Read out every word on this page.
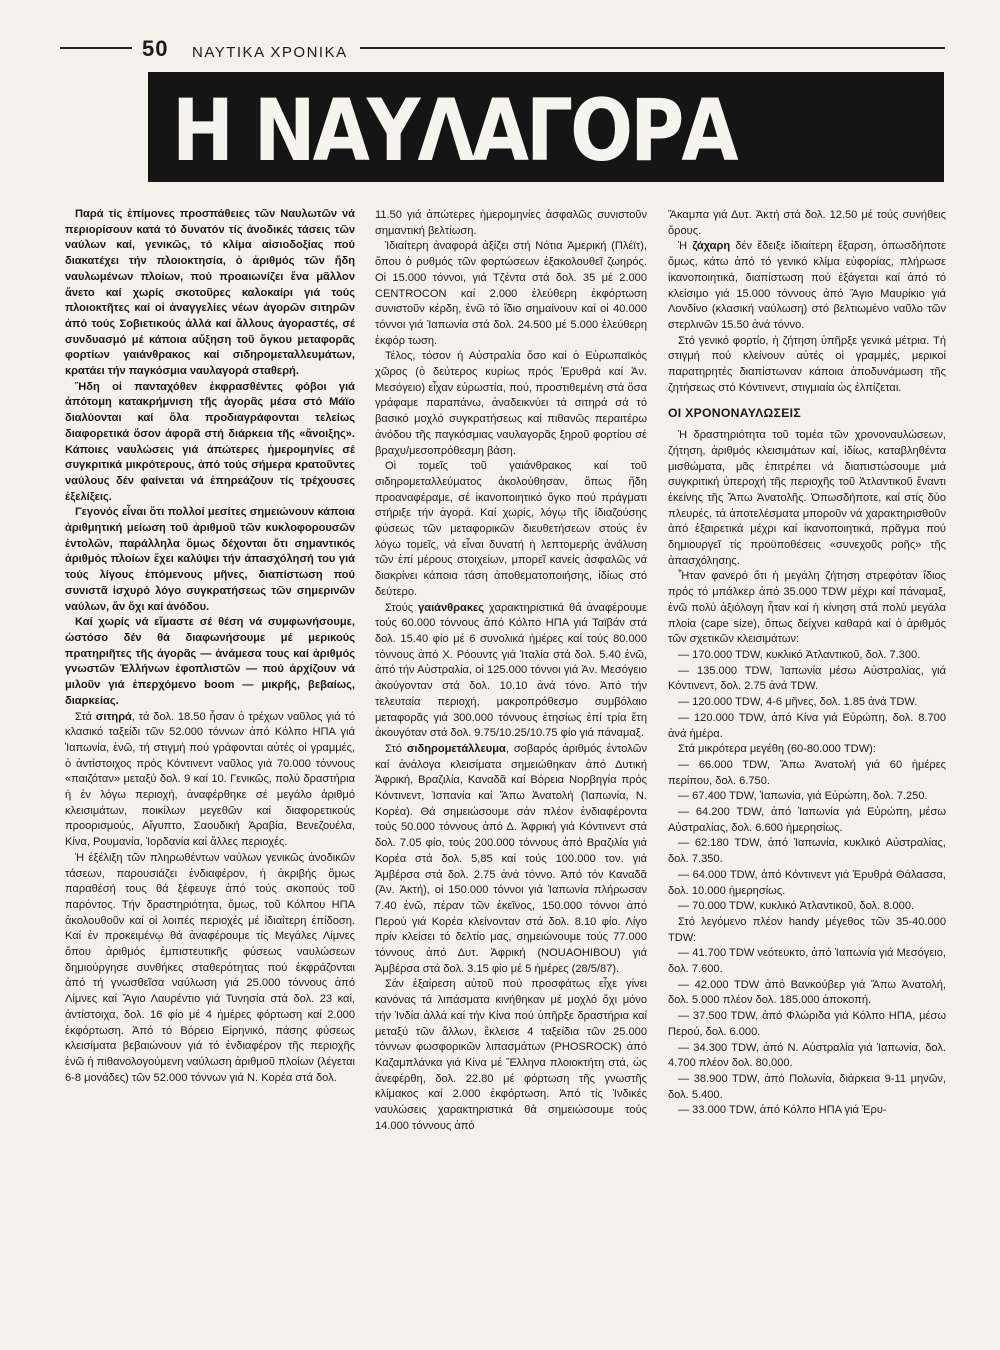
50 ΝΑΥΤΙΚΑ ΧΡΟΝΙΚΑ
Η ΝΑΥΛΑΓΟΡΑ

Παρά τίς ἐπίμονες προσπάθειες τῶν Ναυλωτῶν νά περιορίσουν κατά τό δυνατόν τίς ἀνοδικές τάσεις τῶν ναύλων καί, γενικῶς, τό κλίμα αἰσιοδοξίας πού διακατέχει τήν πλοιοκτησία, ὁ ἀριθμός τῶν ἤδη ναυλωμένων πλοίων, πού προαιωνίζει ἕνα μᾶλλον ἄνετο καί χωρίς σκοτοῦρες καλοκαίρι γιά τούς πλοιοκτῆτες καί οἱ ἀναγγελίες νέων ἀγορῶν σιτηρῶν ἀπό τούς Σοβιετικούς ἀλλά καί ἄλλους ἀγοραστές, σέ συνδυασμό μέ κάποια αὔξηση τοῦ ὄγκου μεταφορᾶς φορτίων γαιάνθρακος καί σιδηρομεταλλευμάτων, κρατάει τήν παγκόσμια ναυλαγορά σταθερή.

Ἤδη οἱ πανταχόθεν ἐκφρασθέντες φόβοι γιά ἀπότομη κατακρήμνιση τῆς ἀγορᾶς μέσα στό Μάϊο διαλύονται καί ὅλα προδιαγράφονται τελείως διαφορετικά ὅσον ἀφορᾶ στή διάρκεια τῆς «ἄνοιξης». Κάποιες ναυλώσεις γιά ἀπώτερες ἡμερομηνίες σέ συγκριτικά μικρότερους, ἀπό τούς σήμερα κρατοῦντες ναύλους δέν φαίνεται νά ἐπηρεάζουν τίς τρέχουσες ἐξελίξεις.

Γεγονός εἶναι ὅτι πολλοί μεσίτες σημειώνουν κάποια ἀριθμητική μείωση τοῦ ἀριθμοῦ τῶν κυκλοφορουσῶν ἐντολῶν, παράλληλα ὅμως δέχονται ὅτι σημαντικός ἀριθμός πλοίων ἔχει καλύψει τήν ἀπασχόλησή του γιά τούς λίγους ἑπόμενους μῆνες, διαπίστωση πού συνιστᾶ ἰσχυρό λόγο συγκρατήσεως τῶν σημερινῶν ναύλων, ἄν ὄχι καί ἀνόδου.

Καί χωρίς νά εἴμαστε σέ θέση νά συμφωνήσουμε, ὡστόσο δέν θά διαφωνήσουμε μέ μερικούς πρατηριῆτες τῆς ἀγορᾶς — ἀνάμεσα τους καί ἀριθμός γνωστῶν Ἑλλήνων ἐφοπλιστῶν — πού ἀρχίζουν νά μιλοῦν γιά ἐπερχόμενο boom — μικρῆς, βεβαίως, διαρκείας.

Στά σιτηρά, τά δολ. 18.50 ἦσαν ὁ τρέχων ναῦλος γιά τό κλασικό ταξείδι τῶν 52.000 τόννων ἀπό Κόλπο ΗΠΑ γιά Ἰαπωνία, ἐνῶ, τή στιγμή πού γράφονται αὐτές οἱ γραμμές, ὁ ἀντίστοιχος πρός Κόντινεντ ναῦλος γιά 70.000 τόννους «παιζόταν» μεταξύ δολ. 9 καί 10. Γενικῶς, πολύ δραστήρια ἡ ἐν λόγω περιοχή, ἀναφέρθηκε σέ μεγάλο ἀριθμό κλεισιμάτων, ποικίλων μεγεθῶν καί διαφορετικούς προορισμούς, Αἴγυπτο, Σαουδική Ἀραβία, Βενεζουέλα, Κίνα, Ρουμανία, Ἰορδανία καί ἄλλες περιοχές.

Ἡ ἐξέλιξη τῶν πληρωθέντων ναύλων γενικῶς ἀνοδικῶν τάσεων, παρουσιάζει ἐνδιαφέρον, ἡ ἀκριβής ὅμως παραθέσή τους θά ξέφευγε ἀπό τούς σκοπούς τοῦ παρόντος. Τήν δραστηριότητα, ὅμως, τοῦ Κόλπου ΗΠΑ ἀκολουθοῦν καί οἱ λοιπές περιοχές μέ ἰδιαίτερη ἐπίδοση. Καί ἐν προκειμένῳ θά ἀναφέρουμε τίς Μεγάλες Λίμνες ὅπου ἀριθμός ἐμπιστευτικῆς φύσεως ναυλώσεων δημιούργησε συνθήκες σταθερότητας πού ἐκφράζονται ἀπό τή γνωσθεῖσα ναύλωση γιά 25.000 τόννους ἀπό Λίμνες καί Ἅγιο Λαυρέντιο γιά Τυνησία στά δολ. 23 καί, ἀντίστοιχα, δολ. 16 φίο μέ 4 ἡμέρες φόρτωση καί 2.000 ἐκφόρτωση. Ἀπό τό Βόρειο Εἰρηνικό, πάσης φύσεως κλεισίματα βεβαιώνουν γιά τό ἐνδιαφέρον τῆς περιοχῆς ἐνῶ ἡ πιθανολογούμενη ναύλωση ἀριθμοῦ πλοίων (λέγεται 6-8 μονάδες) τῶν 52.000 τόννων γιά Ν. Κορέα στά δολ.

11.50 γιά ἀπώτερες ἡμερομηνίες ἀσφαλῶς συνιστοῦν σημαντική βελτίωση.

Ἰδιαίτερη ἀναφορά ἀξίζει στή Νότια Ἀμερική (Πλέϊτ), ὅπου ὁ ρυθμός τῶν φορτώσεων ἐξακολουθεῖ ζωηρός. Οἱ 15.000 τόννοι, γιά Τζέντα στά δολ. 35 μέ 2.000 CENTROCON καί 2.000 ἐλεύθερη ἐκφόρτωση συνιστοῦν κέρδη, ἐνῶ τό ἴδιο σημαίνουν καί οἱ 40.000 τόννοι γιά Ἰαπωνία στά δολ. 24.500 μέ 5.000 ἐλεύθερη ἐκφόρ τωση.

Τέλος, τόσον ἡ Αὐστραλία ὅσο καί ὁ Εὐρωπαϊκός χῶρος (ὁ δεύτερος κυρίως πρός Ἐρυθρά καί Ἀν. Μεσόγειο) εἶχαν εὐρωστία, πού, προστιθεμένη στά ὅσα γράφαμε παραπάνω, ἀναδεικνύει τά σιτηρά σά τό βασικό μοχλό συγκρατήσεως καί πιθανῶς περαιτέρω ἀνόδου τῆς παγκόσμιας ναυλαγορᾶς ξηροῦ φορτίου σέ βραχυ/μεσοπρόθεσμη βάση.

Οἱ τομεῖς τοῦ γαιάνθρακος καί τοῦ σιδηρομεταλλεύματος ἀκολούθησαν, ὅπως ἤδη προαναφέραμε, σέ ἱκανοποιητικό ὄγκο πού πράγματι στήριξε τήν ἀγορά. Καί χωρίς, λόγῳ τῆς ἰδιαζούσης φύσεως τῶν μεταφορικῶν διευθετήσεων στούς ἐν λόγω τομεῖς, νά εἶναι δυνατή ἡ λεπτομερής ἀνάλυση τῶν ἐπί μέρους στοιχείων, μπορεῖ κανείς ἀσφαλῶς νά διακρίνει κάποια τάση ἀποθεματοποιήσης, ἰδίως στό δεύτερο.

Στούς γαιάνθρακες χαρακτηριστικά θά ἀναφέρουμε τούς 60.000 τόννους ἀπό Κόλπο ΗΠΑ γιά Ταϊβάν στά δολ. 15.40 φίο μέ 6 συνολικά ἡμέρες καί τούς 80.000 τόννους ἀπό Χ. Ρόουντς γιά Ἰταλία στά δολ. 5.40 ἐνῶ, ἀπό τήν Αὐστραλία, οἱ 125.000 τόννοι γιά Ἀν. Μεσόγειο ἀκούγονταν στά δολ. 10.10 ἀνά τόνο. Ἀπό τήν τελευταία περιοχή, μακροπρόθεσμο συμβόλαιο μεταφορᾶς γιά 300.000 τόννους ἐτησίως ἐπί τρία ἔτη ἀκουγόταν στά δολ. 9.75/10.25/10.75 φίο γιά πάναμαξ.

Στό σιδηρομετάλλευμα, σοβαρός ἀριθμός ἐντολῶν καί ἀνάλογα κλεισίματα σημειώθηκαν ἀπό Δυτική Ἀφρική, Βραζιλία, Καναδᾶ καί Βόρεια Νορβηγία πρός Κόντινεντ, Ἱσπανία καί Ἄπω Ἀνατολή (Ἰαπωνία, Ν. Κορέα). Θά σημειώσουμε σάν πλέον ἐνδιαφέροντα τούς 50.000 τόννους ἀπό Δ. Ἀφρική γιά Κόντινεντ στά δολ. 7.05 φίο, τούς 200.000 τόννους ἀπό Βραζιλία γιά Κορέα στά δολ. 5,85 καί τούς 100.000 τον. γιά Ἀμβέρσα στά δολ. 2.75 ἀνά τόννο. Ἀπό τόν Καναδᾶ (Ἀν. Ἀκτή), οἱ 150.000 τόννοι γιά Ἰαπωνία πλήρωσαν 7.40 ἐνῶ, πέραν τῶν ἐκεῖνος, 150.000 τόννοι ἀπό Περού γιά Κορέα κλείνονταν στά δολ. 8.10 φίο. Λίγο πρίν κλείσει τό δελτίο μας, σημειώνουμε τούς 77.000 τόννους ἀπό Δυτ. Ἀφρική (NOUAOHIBOU) γιά Ἀμβέρσα στά δολ. 3.15 φίο μέ 5 ἡμέρες (28/5/87).

Σάν ἐξαίρεση αὐτοῦ πού προσφάτως εἶχε γίνει κανόνας τά λιπάσματα κινήθηκαν μέ μοχλό ὄχι μόνο τήν Ἰνδία ἀλλά καί τήν Κίνα πού ὑπῆρξε δραστήρια καί μεταξύ τῶν ἄλλων, ἔκλεισε 4 ταξείδια τῶν 25.000 τόννων φωσφορικῶν λιπασμάτων (PHOSROCK) ἀπό Καζαμπλάνκα γιά Κίνα μέ Ἕλληνα πλοιοκτήτη στά, ὡς ἀνεφέρθη, δολ. 22.80 μέ φόρτωση τῆς γνωστῆς κλίμακος καί 2.000 ἐκφόρτωση. Ἀπό τίς Ἰνδικές ναυλώσεις χαρακτηριστικά θά σημειώσουμε τούς 14.000 τόννους ἀπό

Ἄκαμπα γιά Δυτ. Ἀκτή στά δολ. 12.50 μέ τούς συνήθεις ὅρους.

Ἡ ζάχαρη δέν ἔδειξε ἰδιαίτερη ἔξαρση, ὁπωσδήποτε ὅμως, κάτω ἀπό τό γενικό κλίμα εὐφορίας, πλήρωσε ἱκανοποιητικά, διαπίστωση πού ἐξάγεται καί ἀπό τό κλείσιμο γιά 15.000 τόννους ἀπό Ἅγιο Μαυρίκιο γιά Λονδίνο (κλασική ναύλωση) στό βελτιωμένο ναῦλο τῶν στερλινῶν 15.50 ἀνά τόννο.

Στό γενικό φορτίο, ἡ ζήτηση ὑπῆρξε γενικά μέτρια. Τή στιγμή πού κλείνουν αὐτές οἱ γραμμές, μερικοί παρατηρητές διαπίστωναν κάποια ἀποδυνάμωση τῆς ζητήσεως στό Κόντινεντ, στιγμιαία ὡς ἐλπίζεται.

ΟΙ ΧΡΟΝΟΝΑΥΛΩΣΕΙΣ

Ἡ δραστηριότητα τοῦ τομέα τῶν χρονοναυλώσεων, ζήτηση, ἀριθμός κλεισιμάτων καί, ἰδίως, καταβληθέντα μισθώματα, μᾶς ἐπιτρέπει νά διαπιστώσουμε μιά συγκριτική ὑπεροχή τῆς περιοχῆς τοῦ Ἀτλαντικοῦ ἔναντι ἐκείνης τῆς Ἄπω Ἀνατολῆς. Ὁπωσδήποτε, καί στίς δύο πλευρές, τά ἀποτελέσματα μποροῦν νά χαρακτηρισθοῦν ἀπό ἐξαιρετικά μέχρι καί ἱκανοποιητικά, πρᾶγμα πού δημιουργεῖ τίς προϋποθέσεις «συνεχοῦς ροῆς» τῆς ἀπασχόλησης.

Ἦταν φανερό ὅτι ἡ μεγάλη ζήτηση στρεφόταν ἴδιος πρός τό μπάλκερ ἀπό 35.000 TDW μέχρι καί πάναμαξ, ἐνῶ πολύ ἀξιόλογη ἦταν καί ἡ κίνηση στά πολύ μεγάλα πλοία (cape size), ὅπως δείχνει καθαρά καί ὁ ἀριθμός τῶν σχετικῶν κλεισιμάτων:

— 170.000 TDW, κυκλικό Ἀτλαντικοῦ, δολ. 7.300.

— 135.000 TDW, Ἰαπωνία μέσω Αὐστραλίας, γιά Κόντινεντ, δολ. 2.75 ἀνά TDW.

— 120.000 TDW, 4-6 μῆνες, δολ. 1.85 ἀνά TDW.

— 120.000 TDW, ἀπό Κίνα γιά Εὐρώπη, δολ. 8.700 ἀνά ἡμέρα.

Στά μικρότερα μεγέθη (60-80.000 TDW):

— 66.000 TDW, Ἄπω Ἀνατολή γιά 60 ἡμέρες περίπου, δολ. 6.750.

— 67.400 TDW, Ἰαπωνία, γιά Εὐρώπη, δολ. 7.250.

— 64.200 TDW, ἀπό Ἰαπωνία γιά Εὐρώπη, μέσω Αὐστραλίας, δολ. 6.600 ἡμερησίως.

— 62.180 TDW, ἀπό Ἰαπωνία, κυκλικό Αὐστραλίας, δολ. 7.350.

— 64.000 TDW, ἀπό Κόντινεντ γιά Ἐρυθρά Θάλασσα, δολ. 10.000 ἡμερησίως.

— 70.000 TDW, κυκλικό Ἀτλαντικοῦ, δολ. 8.000.

Στό λεγόμενο πλέον handy μέγεθος τῶν 35-40.000 TDW:

— 41.700 TDW νεότευκτο, ἀπό Ἰαπωνία γιά Μεσόγειο, δολ. 7.600.

— 42.000 TDW ἀπό Βανκούβερ γιά Ἄπω Ἀνατολή, δολ. 5.000 πλέον δολ. 185.000 ἀποκοπή.

— 37.500 TDW, ἀπό Φλώριδα γιά Κόλπο ΗΠΑ, μέσω Περού, δολ. 6.000.

— 34.300 TDW, ἀπό Ν. Αὐστραλία γιά Ἰαπωνία, δολ. 4.700 πλέον δολ. 80.000.

— 38.900 TDW, ἀπό Πολωνία, διάρκεια 9-11 μηνῶν, δολ. 5.400.

— 33.000 TDW, ἀπό Κόλπο ΗΠΑ γιά Ἐρυ-
